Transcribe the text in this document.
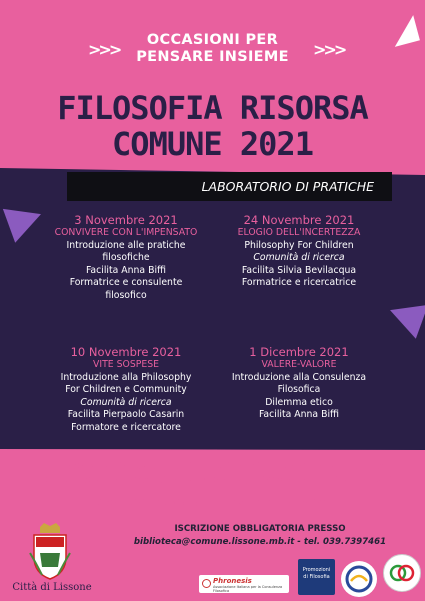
>>>	>>>
OCCASIONI PER
PENSARE INSIEME
FILOSOFIA RISORSA
COMUNE 2021
LABORATORIO DI PRATICHE
3 Novembre 2021
CONVIVERE CON L'IMPENSATO
Introduzione alle pratiche
filosofiche
Facilita Anna Biffi
Formatrice e consulente
filosofico
24 Novembre 2021
ELOGIO DELL'INCERTEZZA
Philosophy For Children
Comunità di ricerca
Facilita Silvia Bevilacqua
Formatrice e ricercatrice
10 Novembre 2021
VITE SOSPESE
Introduzione alla Philosophy
For Children e Community
Comunità di ricerca
Facilita Pierpaolo Casarin
Formatore e ricercatore
1 Dicembre 2021
VALERE-VALORE
Introduzione alla Consulenza
Filosofica
Dilemma etico
Facilita Anna Biffi
GLI INCONTRI SI SVOLGONO IN SALA POLIFUNZIONALE DELLA
BIBLIOTECA - PIAZZA IV NOVEMBRE 2, LISSONE ALLE ORE 21,00
ACCESSO CONSENTITO CON GREEN PASS
ISCRIZIONE OBBLIGATORIA PRESSO
biblioteca@comune.lissone.mb.it - tel. 039.7397461
Città di Lissone
Phronesis
Associazione Italiana per la Consulenza Filosofica
Promozioni di Filosofia
